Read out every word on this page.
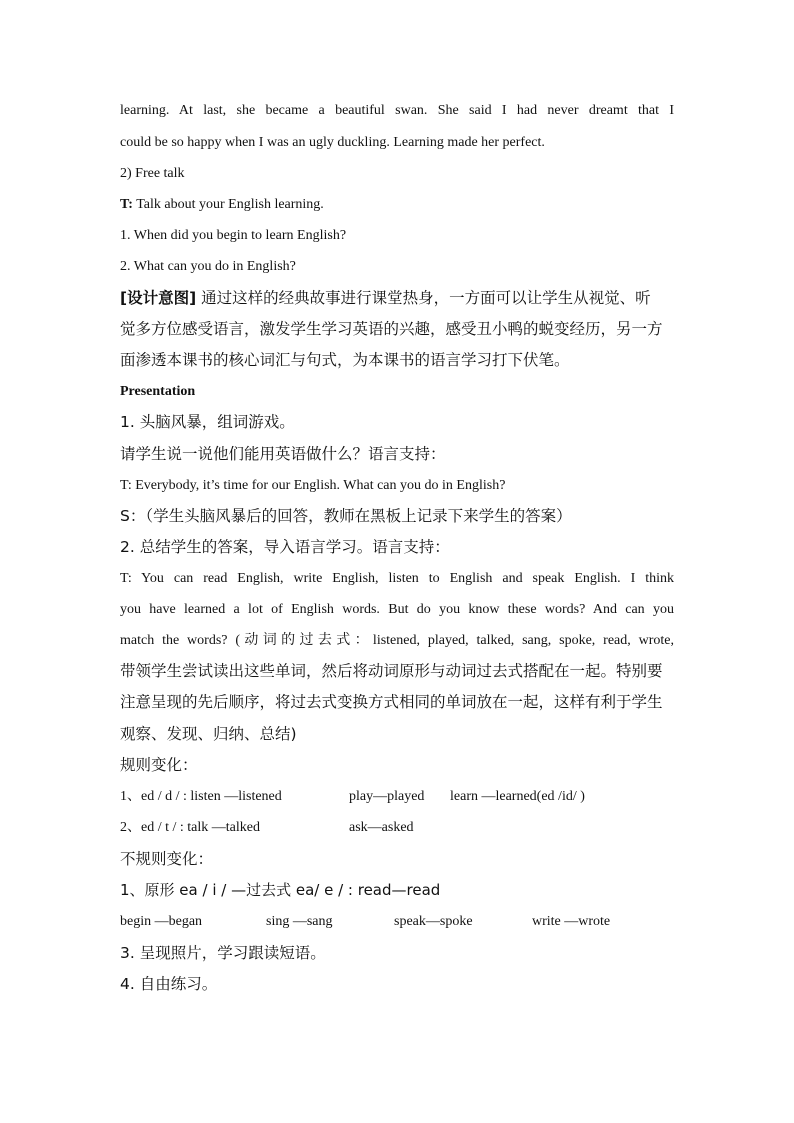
learning. At last, she became a beautiful swan. She said I had never dreamt that I
could be so happy when I was an ugly duckling. Learning made her perfect.
2) Free talk
T: Talk about your English learning.
1. When did you begin to learn English?
2. What can you do in English?
[设计意图] 通过这样的经典故事进行课堂热身，一方面可以让学生从视觉、听
觉多方位感受语言，激发学生学习英语的兴趣，感受丑小鸭的蜕变经历，另一方
面渗透本课书的核心词汇与句式，为本课书的语言学习打下伏笔。
Presentation
1. 头脑风暴，组词游戏。
请学生说一说他们能用英语做什么？语言支持：
T: Everybody, it’s time for our English. What can you do in English?
S：（学生头脑风暴后的回答，教师在黑板上记录下来学生的答案）
2. 总结学生的答案，导入语言学习。语言支持：
T: You can read English, write English, listen to English and speak English. I think
you have learned a lot of English words. But do you know these words? And can you
match the words? (动词的过去式：listened, played, talked, sang, spoke, read, wrote,
带领学生尝试读出这些单词，然后将动词原形与动词过去式搭配在一起。特别要
注意呈现的先后顺序，将过去式变换方式相同的单词放在一起，这样有利于学生
观察、发现、归纳、总结)
规则变化：
1、ed / d / : listen —listened	play—played	learn —learned(ed /id/ )
2、ed / t / : talk —talked	ask—asked
不规则变化：
1、原形 ea / i / —过去式 ea/ e / : read—read
begin —began	sing —sang	speak—spoke	write —wrote
3. 呈现照片，学习跟读短语。
4. 自由练习。
